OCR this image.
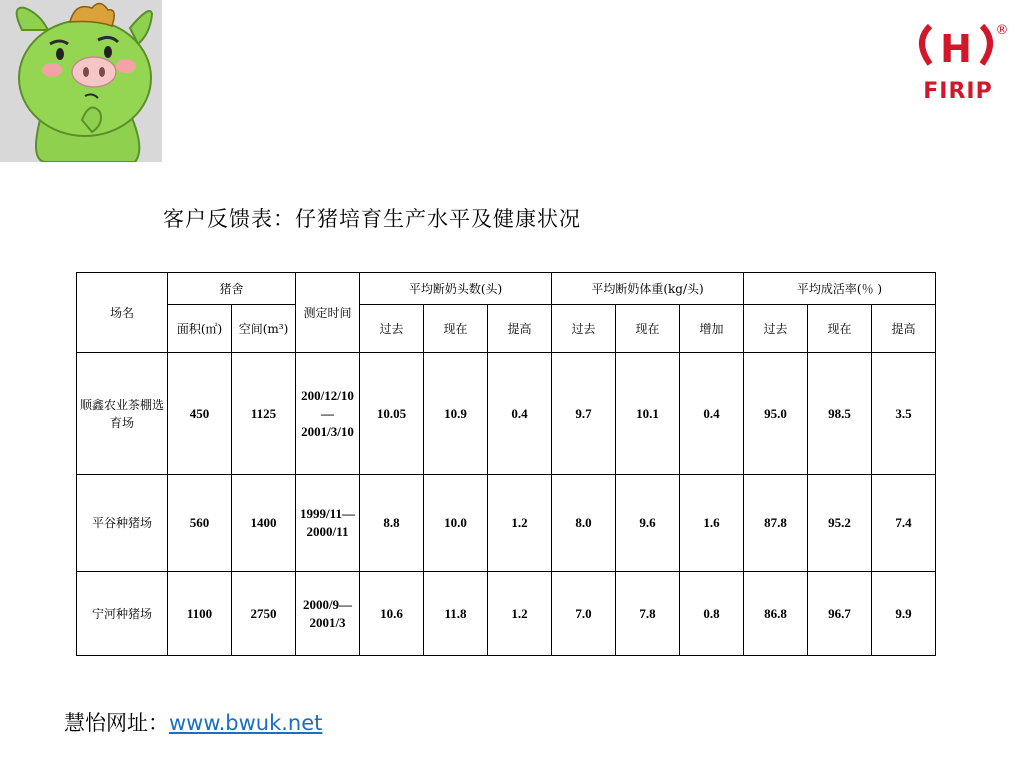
H
FIRIP
®
客户反馈表：仔猪培育生产水平及健康状况
场名	猪舍		测定时间	平均断奶头数(头)			平均断奶体重(kg/头)			平均成活率(％ )		
	面积(㎡)	空间(m³)		过去	现在	提高	过去	现在	增加	过去	现在	提高
顺鑫农业茶棚选育场	450	1125	200/12/10—2001/3/10	10.05	10.9	0.4	9.7	10.1	0.4	95.0	98.5	3.5
平谷种猪场	560	1400	1999/11—2000/11	8.8	10.0	1.2	8.0	9.6	1.6	87.8	95.2	7.4
宁河种猪场	1100	2750	2000/9—2001/3	10.6	11.8	1.2	7.0	7.8	0.8	86.8	96.7	9.9
慧怡网址：www.bwuk.net
